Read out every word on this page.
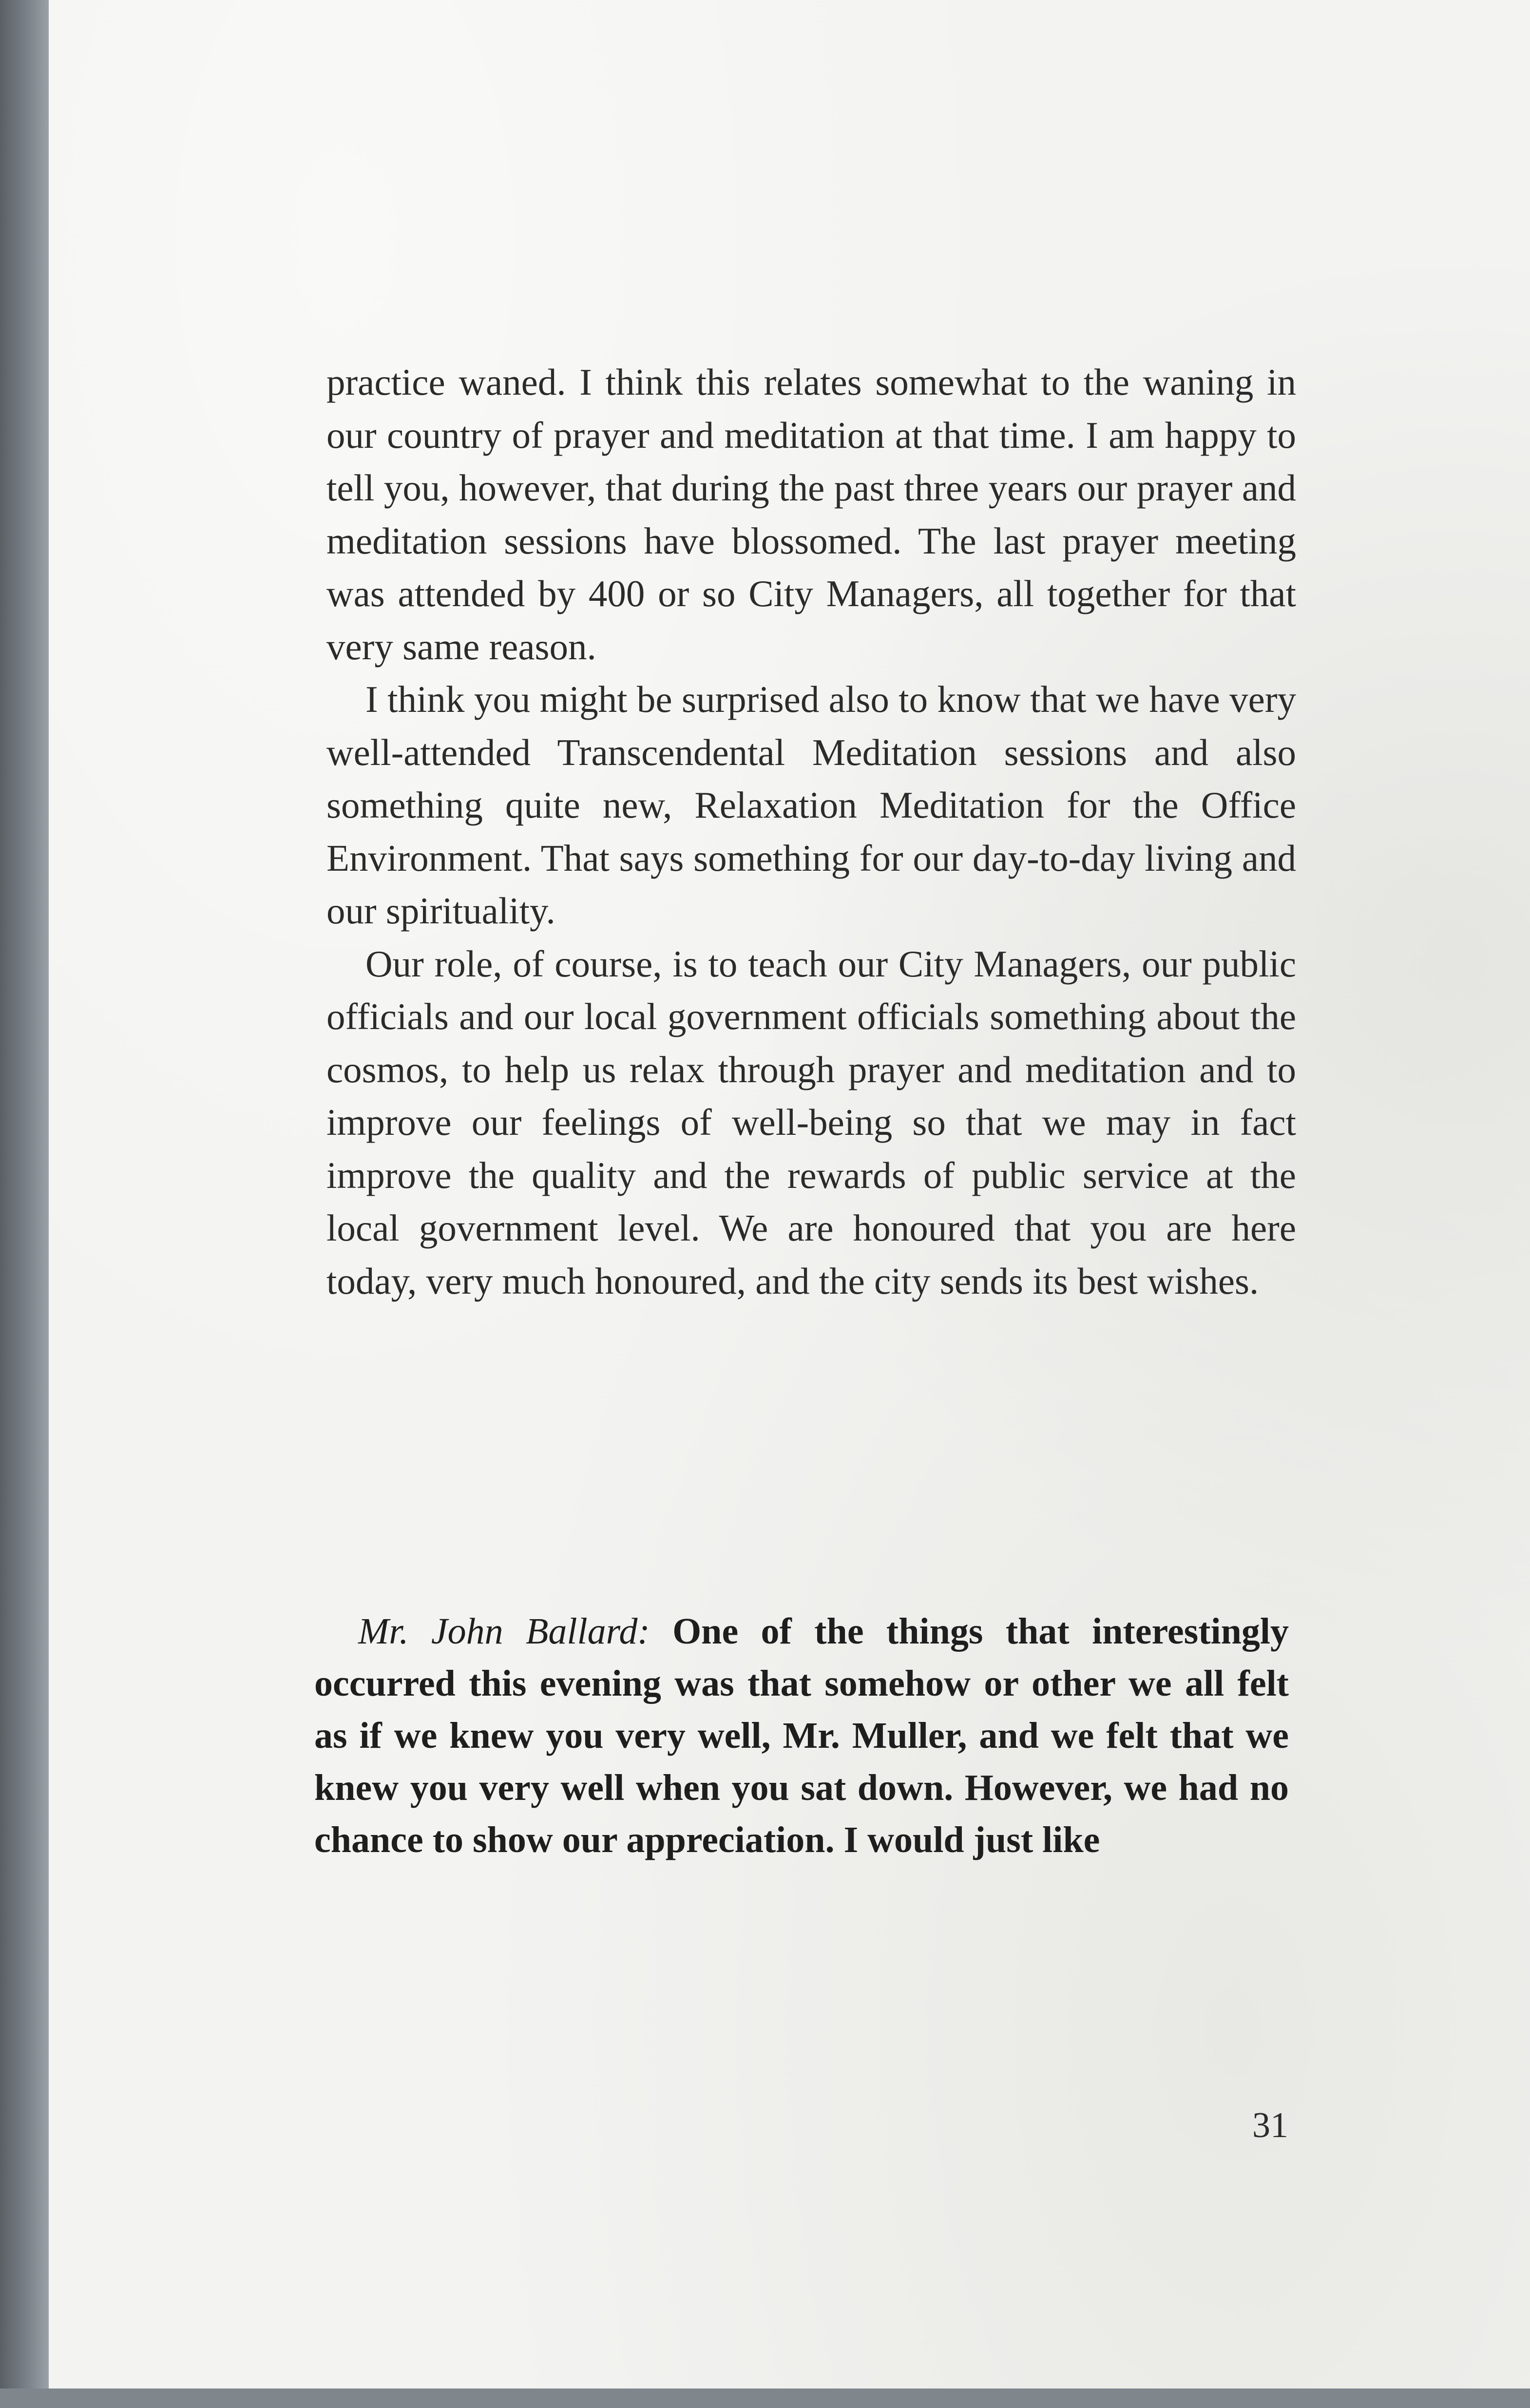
practice waned. I think this relates somewhat to the waning in our country of prayer and meditation at that time. I am happy to tell you, however, that during the past three years our prayer and meditation sessions have blossomed. The last prayer meeting was attended by 400 or so City Managers, all together for that very same reason.

I think you might be surprised also to know that we have very well-attended Transcendental Meditation sessions and also something quite new, Relaxation Meditation for the Office Environment. That says something for our day-to-day living and our spirituality.

Our role, of course, is to teach our City Managers, our public officials and our local government officials something about the cosmos, to help us relax through prayer and meditation and to improve our feelings of well-being so that we may in fact improve the quality and the rewards of public service at the local government level. We are honoured that you are here today, very much honoured, and the city sends its best wishes.

Mr. John Ballard: One of the things that interestingly occurred this evening was that somehow or other we all felt as if we knew you very well, Mr. Muller, and we felt that we knew you very well when you sat down. However, we had no chance to show our appreciation. I would just like

31
